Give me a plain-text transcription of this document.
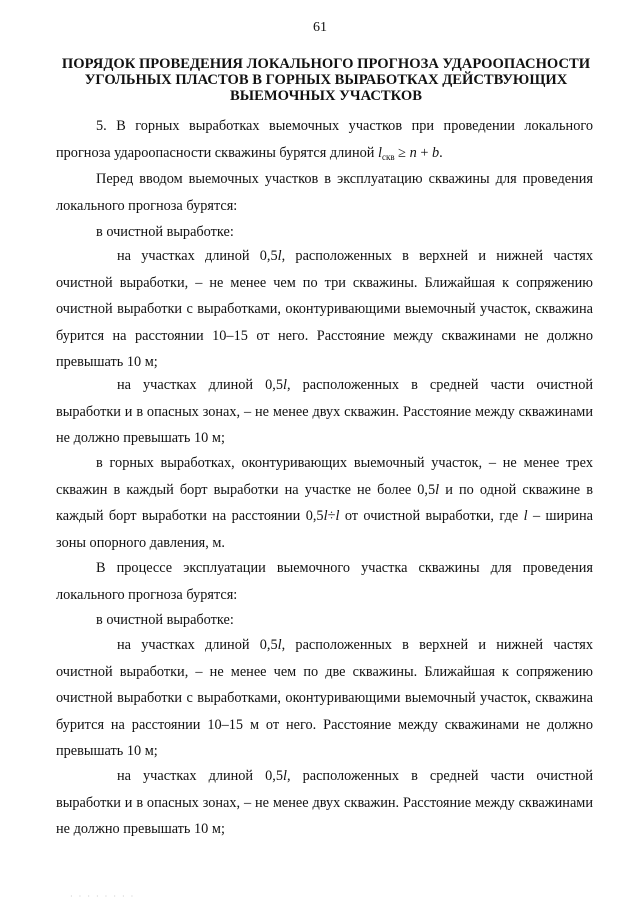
61
ПОРЯДОК ПРОВЕДЕНИЯ ЛОКАЛЬНОГО ПРОГНОЗА УДАРООПАСНОСТИ
УГОЛЬНЫХ ПЛАСТОВ В ГОРНЫХ ВЫРАБОТКАХ ДЕЙСТВУЮЩИХ
ВЫЕМОЧНЫХ УЧАСТКОВ

5. В горных выработках выемочных участков при проведении локального прогноза удароопасности скважины бурятся длиной $l_{скв} \ge n + b$.

Перед вводом выемочных участков в эксплуатацию скважины для проведения локального прогноза бурятся:

в очистной выработке:

на участках длиной 0,5l, расположенных в верхней и нижней частях очистной выработки, – не менее чем по три скважины. Ближайшая к сопряжению очистной выработки с выработками, оконтуривающими выемочный участок, скважина бурится на расстоянии 10–15 от него. Расстояние между скважинами не должно превышать 10 м;

на участках длиной 0,5l, расположенных в средней части очистной выработки и в опасных зонах, – не менее двух скважин. Расстояние между скважинами не должно превышать 10 м;

в горных выработках, оконтуривающих выемочный участок, – не менее трех скважин в каждый борт выработки на участке не более 0,5l и по одной скважине в каждый борт выработки на расстоянии 0,5l÷l от очистной выработки, где l – ширина зоны опорного давления, м.

В процессе эксплуатации выемочного участка скважины для проведения локального прогноза бурятся:

в очистной выработке:

на участках длиной 0,5l, расположенных в верхней и нижней частях очистной выработки, – не менее чем по две скважины. Ближайшая к сопряжению очистной выработки с выработками, оконтуривающими выемочный участок, скважина бурится на расстоянии 10–15 м от него. Расстояние между скважинами не должно превышать 10 м;

на участках длиной 0,5l, расположенных в средней части очистной выработки и в опасных зонах, – не менее двух скважин. Расстояние между скважинами не должно превышать 10 м;

· · · · · · · ·
